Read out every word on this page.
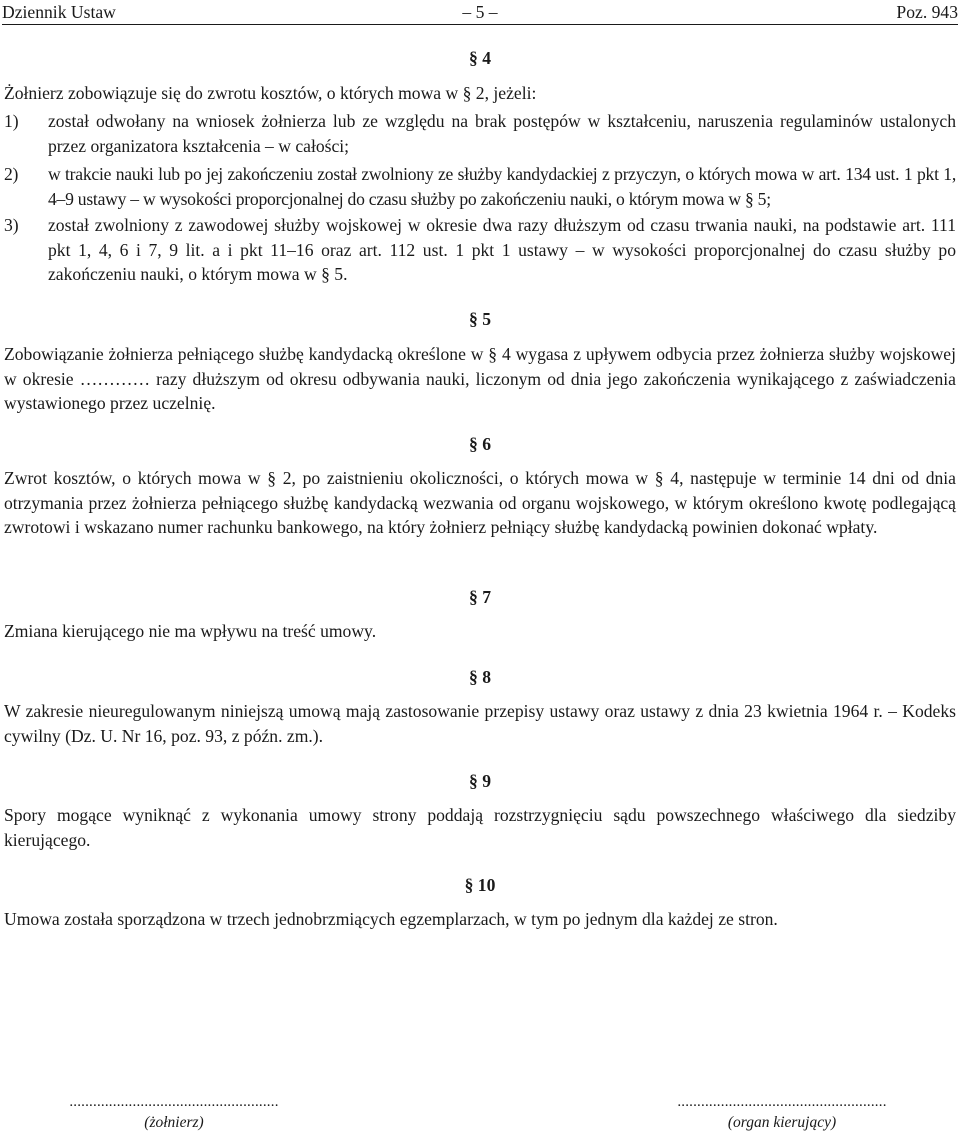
Dziennik Ustaw	– 5 –	Poz. 943
§ 4

Żołnierz zobowiązuje się do zwrotu kosztów, o których mowa w § 2, jeżeli:

1) został odwołany na wniosek żołnierza lub ze względu na brak postępów w kształceniu, naruszenia regulaminów ustalonych przez organizatora kształcenia – w całości;
2) w trakcie nauki lub po jej zakończeniu został zwolniony ze służby kandydackiej z przyczyn, o których mowa w art. 134 ust. 1 pkt 1, 4–9 ustawy – w wysokości proporcjonalnej do czasu służby po zakończeniu nauki, o którym mowa w § 5;
3) został zwolniony z zawodowej służby wojskowej w okresie dwa razy dłuższym od czasu trwania nauki, na podstawie art. 111 pkt 1, 4, 6 i 7, 9 lit. a i pkt 11–16 oraz art. 112 ust. 1 pkt 1 ustawy – w wysokości proporcjonalnej do czasu służby po zakończeniu nauki, o którym mowa w § 5.
§ 5

Zobowiązanie żołnierza pełniącego służbę kandydacką określone w § 4 wygasa z upływem odbycia przez żołnierza służby wojskowej w okresie ………… razy dłuższym od okresu odbywania nauki, liczonym od dnia jego zakończenia wynikającego z zaświadczenia wystawionego przez uczelnię.

§ 6

Zwrot kosztów, o których mowa w § 2, po zaistnieniu okoliczności, o których mowa w § 4, następuje w terminie 14 dni od dnia otrzymania przez żołnierza pełniącego służbę kandydacką wezwania od organu wojskowego, w którym określono kwotę podlegającą zwrotowi i wskazano numer rachunku bankowego, na który żołnierz pełniący służbę kandydacką powinien dokonać wpłaty.

§ 7

Zmiana kierującego nie ma wpływu na treść umowy.

§ 8

W zakresie nieuregulowanym niniejszą umową mają zastosowanie przepisy ustawy oraz ustawy z dnia 23 kwietnia 1964 r. – Kodeks cywilny (Dz. U. Nr 16, poz. 93, z późn. zm.).

§ 9

Spory mogące wyniknąć z wykonania umowy strony poddają rozstrzygnięciu sądu powszechnego właściwego dla siedziby kierującego.

§ 10

Umowa została sporządzona w trzech jednobrzmiących egzemplarzach, w tym po jednym dla każdej ze stron.

.....................................................
(żołnierz)
.....................................................
(organ kierujący)
